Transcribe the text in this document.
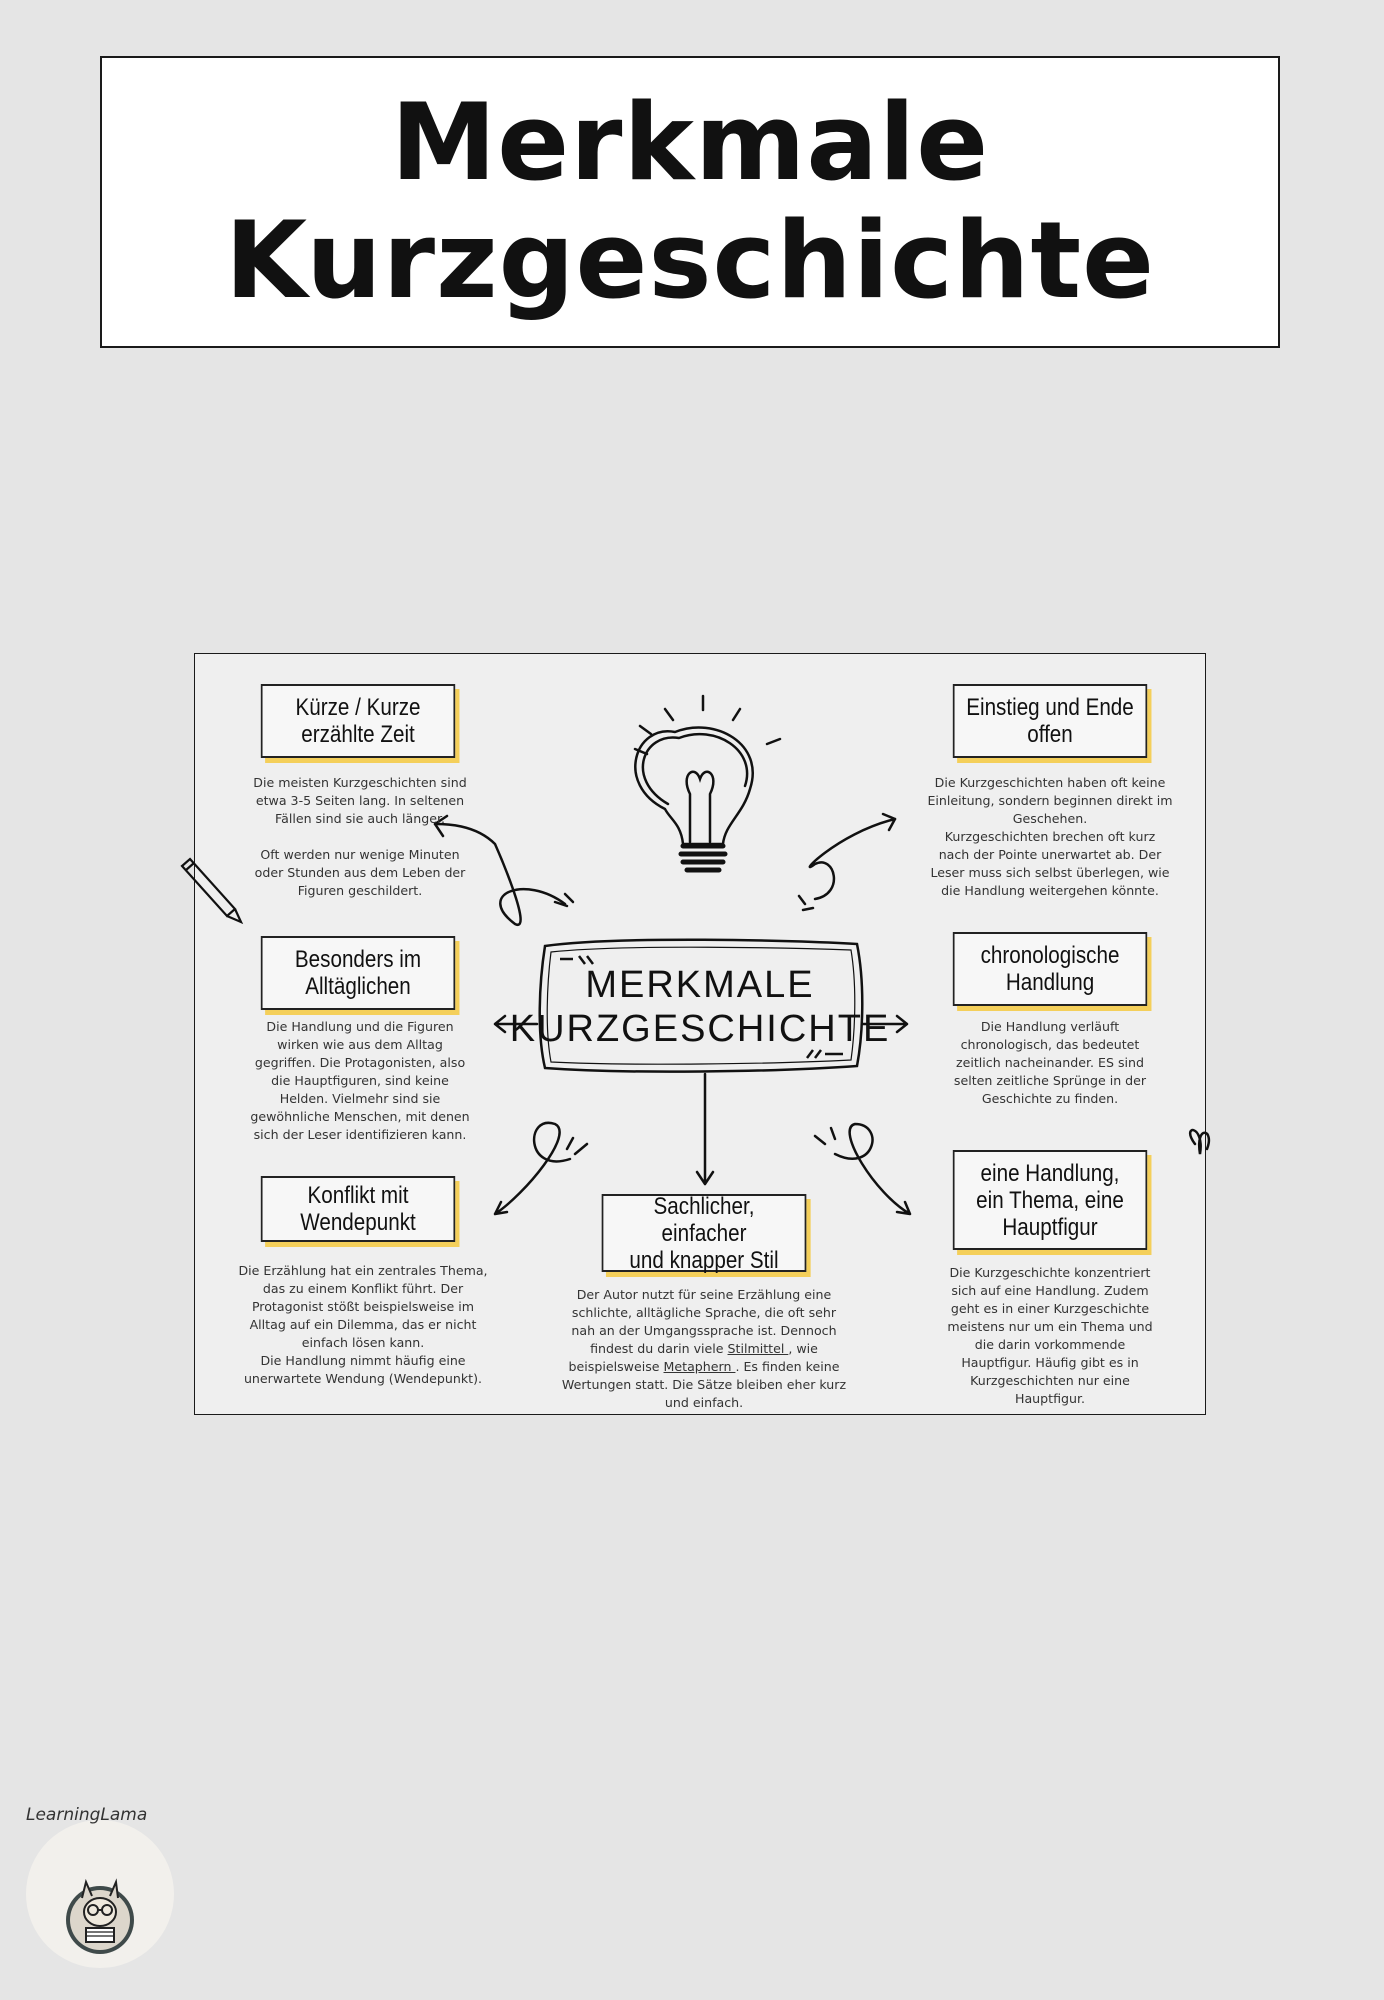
Merkmale
Kurzgeschichte
MERKMALE
KURZGESCHICHTE
Kürze / Kurze
erzählte Zeit
Die meisten Kurzgeschichten sind
etwa 3-5 Seiten lang. In seltenen
Fällen sind sie auch länger.

Oft werden nur wenige Minuten
oder Stunden aus dem Leben der
Figuren geschildert.
Einstieg und Ende
offen
Die Kurzgeschichten haben oft keine
Einleitung, sondern beginnen direkt im
Geschehen.
Kurzgeschichten brechen oft kurz
nach der Pointe unerwartet ab. Der
Leser muss sich selbst überlegen, wie
die Handlung weitergehen könnte.
Besonders im
Alltäglichen
Die Handlung und die Figuren
wirken wie aus dem Alltag
gegriffen. Die Protagonisten, also
die Hauptfiguren, sind keine
Helden. Vielmehr sind sie
gewöhnliche Menschen, mit denen
sich der Leser identifizieren kann.
chronologische
Handlung
Die Handlung verläuft
chronologisch, das bedeutet
zeitlich nacheinander. ES sind
selten zeitliche Sprünge in der
Geschichte zu finden.
Konflikt mit
Wendepunkt
Die Erzählung hat ein zentrales Thema,
das zu einem Konflikt führt. Der
Protagonist stößt beispielsweise im
Alltag auf ein Dilemma, das er nicht
einfach lösen kann.
Die Handlung nimmt häufig eine
unerwartete Wendung (Wendepunkt).
Sachlicher, einfacher
und knapper Stil
Der Autor nutzt für seine Erzählung eine
schlichte, alltägliche Sprache, die oft sehr
nah an der Umgangssprache ist. Dennoch
findest du darin viele Stilmittel , wie
beispielsweise Metaphern . Es finden keine
Wertungen statt. Die Sätze bleiben eher kurz
und einfach.
eine Handlung,
ein Thema, eine
Hauptfigur
Die Kurzgeschichte konzentriert
sich auf eine Handlung. Zudem
geht es in einer Kurzgeschichte
meistens nur um ein Thema und
die darin vorkommende
Hauptfigur. Häufig gibt es in
Kurzgeschichten nur eine
Hauptfigur.
LearningLama
